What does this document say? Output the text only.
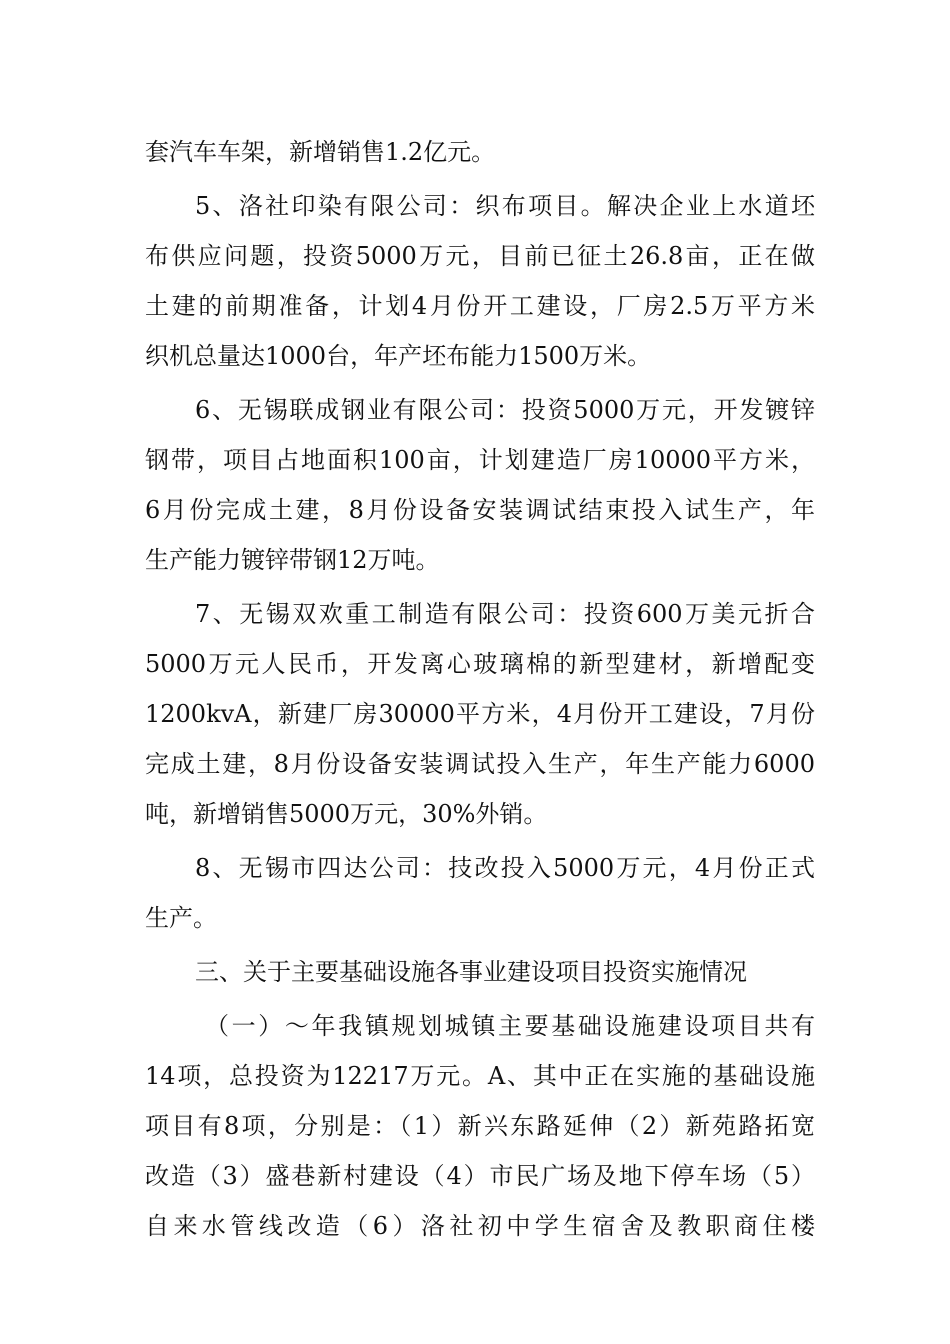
套汽车车架，新增销售1.2亿元。
5、洛社印染有限公司：织布项目。解决企业上水道坯
布供应问题，投资5000万元，目前已征土26.8亩，正在做
土建的前期准备，计划4月份开工建设，厂房2.5万平方米
织机总量达1000台，年产坯布能力1500万米。
6、无锡联成钢业有限公司：投资5000万元，开发镀锌
钢带，项目占地面积100亩，计划建造厂房10000平方米，
6月份完成土建，8月份设备安装调试结束投入试生产，年
生产能力镀锌带钢12万吨。
7、无锡双欢重工制造有限公司：投资600万美元折合
5000万元人民币，开发离心玻璃棉的新型建材，新增配变
1200kvA，新建厂房30000平方米，4月份开工建设，7月份
完成土建，8月份设备安装调试投入生产，年生产能力6000
吨，新增销售5000万元，30%外销。
8、无锡市四达公司：技改投入5000万元，4月份正式
生产。
三、关于主要基础设施各事业建设项目投资实施情况
（一）～年我镇规划城镇主要基础设施建设项目共有
14项，总投资为12217万元。A、其中正在实施的基础设施
项目有8项，分别是：（1）新兴东路延伸（2）新苑路拓宽
改造（3）盛巷新村建设（4）市民广场及地下停车场（5）
自来水管线改造（6）洛社初中学生宿舍及教职商住楼
